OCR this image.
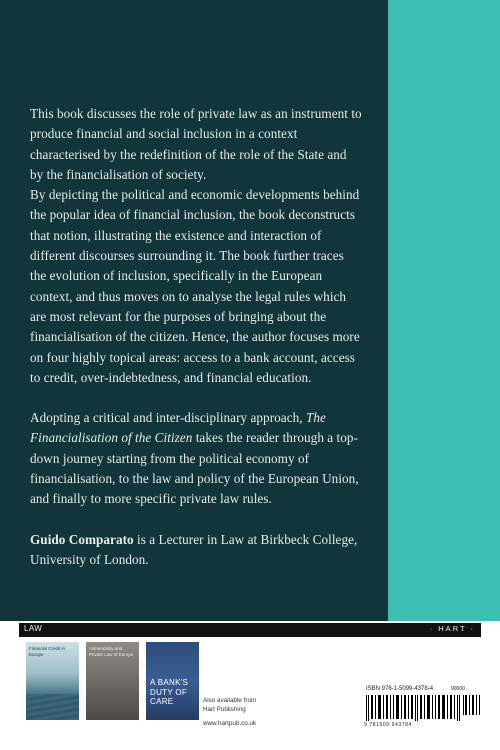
This book discusses the role of private law as an instrument to produce financial and social inclusion in a context characterised by the redefinition of the role of the State and by the financialisation of society.

By depicting the political and economic developments behind the popular idea of financial inclusion, the book deconstructs that notion, illustrating the existence and interaction of different discourses surrounding it. The book further traces the evolution of inclusion, specifically in the European context, and thus moves on to analyse the legal rules which are most relevant for the purposes of bringing about the financialisation of the citizen. Hence, the author focuses more on four highly topical areas: access to a bank account, access to credit, over-indebtedness, and financial education.

Adopting a critical and inter-disciplinary approach, The Financialisation of the Citizen takes the reader through a top-down journey starting from the political economy of financialisation, to the law and policy of the European Union, and finally to more specific private law rules.

Guido Comparato is a Lecturer in Law at Birkbeck College, University of London.

LAW	· HART ·
Financial Credit in Europe
Vulnerability and Private Law of Europe
A BANK'S DUTY OF CARE	Also available from
Hart Publishing
www.hartpub.co.uk
ISBN 978-1-5099-4378-4	90000
9 781509 943784
